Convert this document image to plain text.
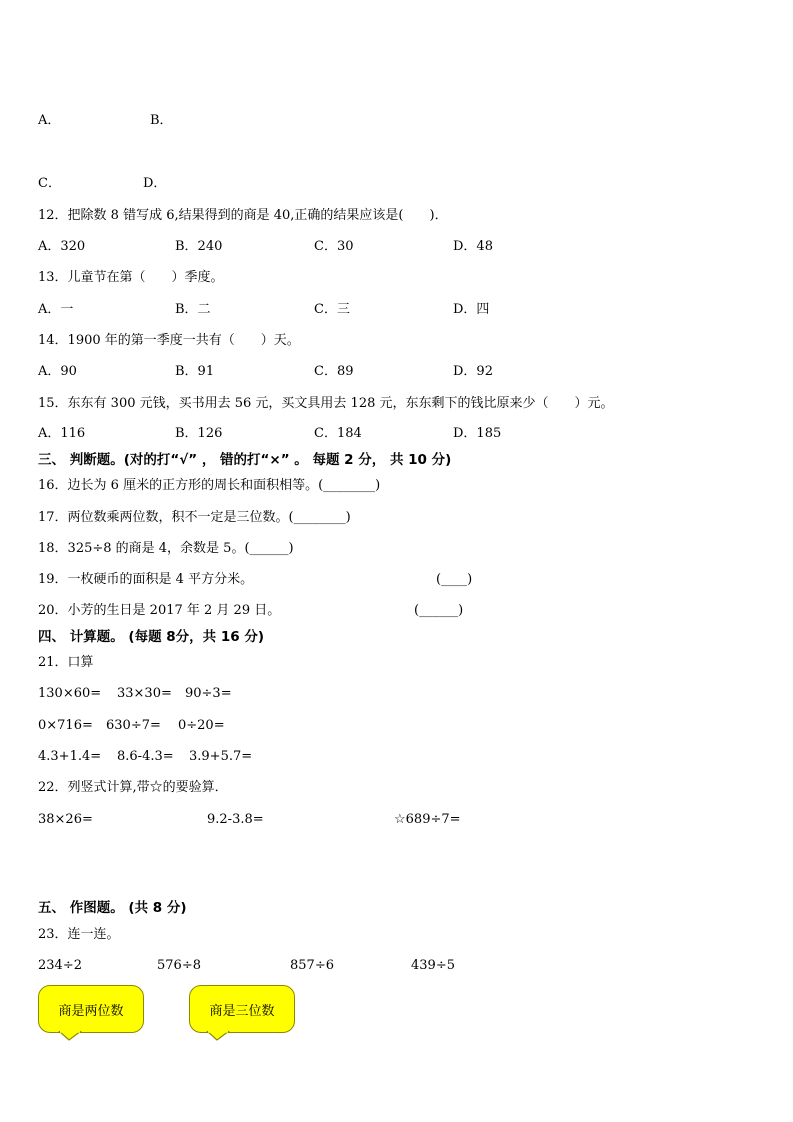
A．	B．
C．	D．
12．把除数 8 错写成 6,结果得到的商是 40,正确的结果应该是(　　)．
A．320	B．240	C．30	D．48
13．儿童节在第（　　）季度。
A．一	B．二	C．三	D．四
14．1900 年的第一季度一共有（　　）天。
A．90	B．91	C．89	D．92
15．东东有 300 元钱，买书用去 56 元，买文具用去 128 元，东东剩下的钱比原来少（　　）元。
A．116	B．126	C．184	D．185
三、 判断题。(对的打“√” ， 错的打“×” 。 每题 2 分， 共 10 分)
16．边长为 6 厘米的正方形的周长和面积相等。(________)
17．两位数乘两位数，积不一定是三位数。(________)
18．325÷8 的商是 4，余数是 5。(______)
19．一枚硬币的面积是 4 平方分米。	(____)
20．小芳的生日是 2017 年 2 月 29 日。	(______)
四、 计算题。 (每题 8分，共 16 分)
21．口算
130×60= 33×30= 90÷3=
0×716= 630÷7= 0÷20=
4.3+1.4= 8.6-4.3= 3.9+5.7=
22．列竖式计算,带☆的要验算．
38×26=	9.2-3.8=	☆689÷7=
五、 作图题。 (共 8 分)
23．连一连。
234÷2	576÷8	857÷6	439÷5
商是两位数	商是三位数
